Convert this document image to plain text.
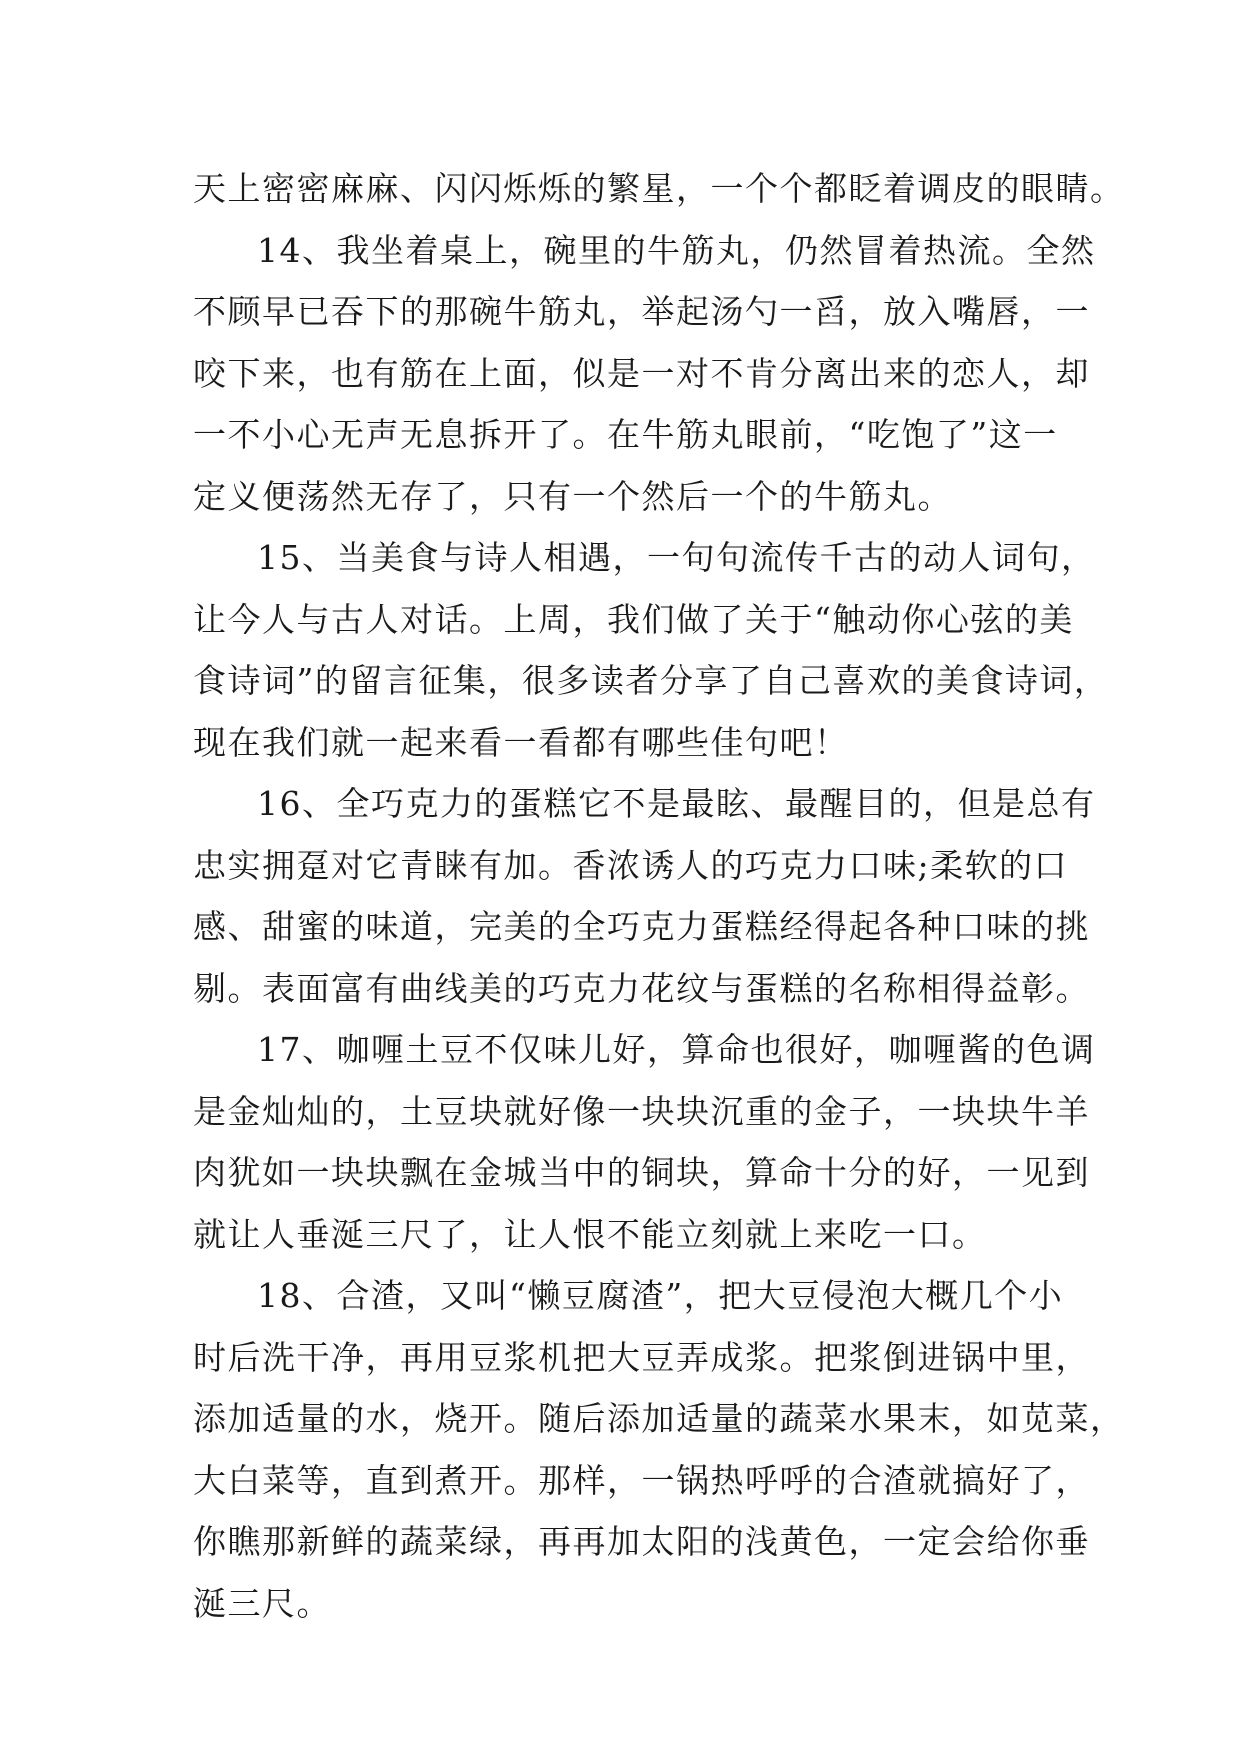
天上密密麻麻、闪闪烁烁的繁星，一个个都眨着调皮的眼睛。
14、我坐着桌上，碗里的牛筋丸，仍然冒着热流。全然
不顾早已吞下的那碗牛筋丸，举起汤勺一舀，放入嘴唇，一
咬下来，也有筋在上面，似是一对不肯分离出来的恋人，却
一不小心无声无息拆开了。在牛筋丸眼前，“吃饱了”这一
定义便荡然无存了，只有一个然后一个的牛筋丸。
15、当美食与诗人相遇，一句句流传千古的动人词句，
让今人与古人对话。上周，我们做了关于“触动你心弦的美
食诗词”的留言征集，很多读者分享了自己喜欢的美食诗词，
现在我们就一起来看一看都有哪些佳句吧！
16、全巧克力的蛋糕它不是最眩、最醒目的，但是总有
忠实拥趸对它青睐有加。香浓诱人的巧克力口味;柔软的口
感、甜蜜的味道，完美的全巧克力蛋糕经得起各种口味的挑
剔。表面富有曲线美的巧克力花纹与蛋糕的名称相得益彰。
17、咖喱土豆不仅味儿好，算命也很好，咖喱酱的色调
是金灿灿的，土豆块就好像一块块沉重的金子，一块块牛羊
肉犹如一块块飘在金城当中的铜块，算命十分的好，一见到
就让人垂涎三尺了，让人恨不能立刻就上来吃一口。
18、合渣，又叫“懒豆腐渣”，把大豆侵泡大概几个小
时后洗干净，再用豆浆机把大豆弄成浆。把浆倒进锅中里，
添加适量的水，烧开。随后添加适量的蔬菜水果末，如苋菜，
大白菜等，直到煮开。那样，一锅热呼呼的合渣就搞好了，
你瞧那新鲜的蔬菜绿，再再加太阳的浅黄色，一定会给你垂
涎三尺。
